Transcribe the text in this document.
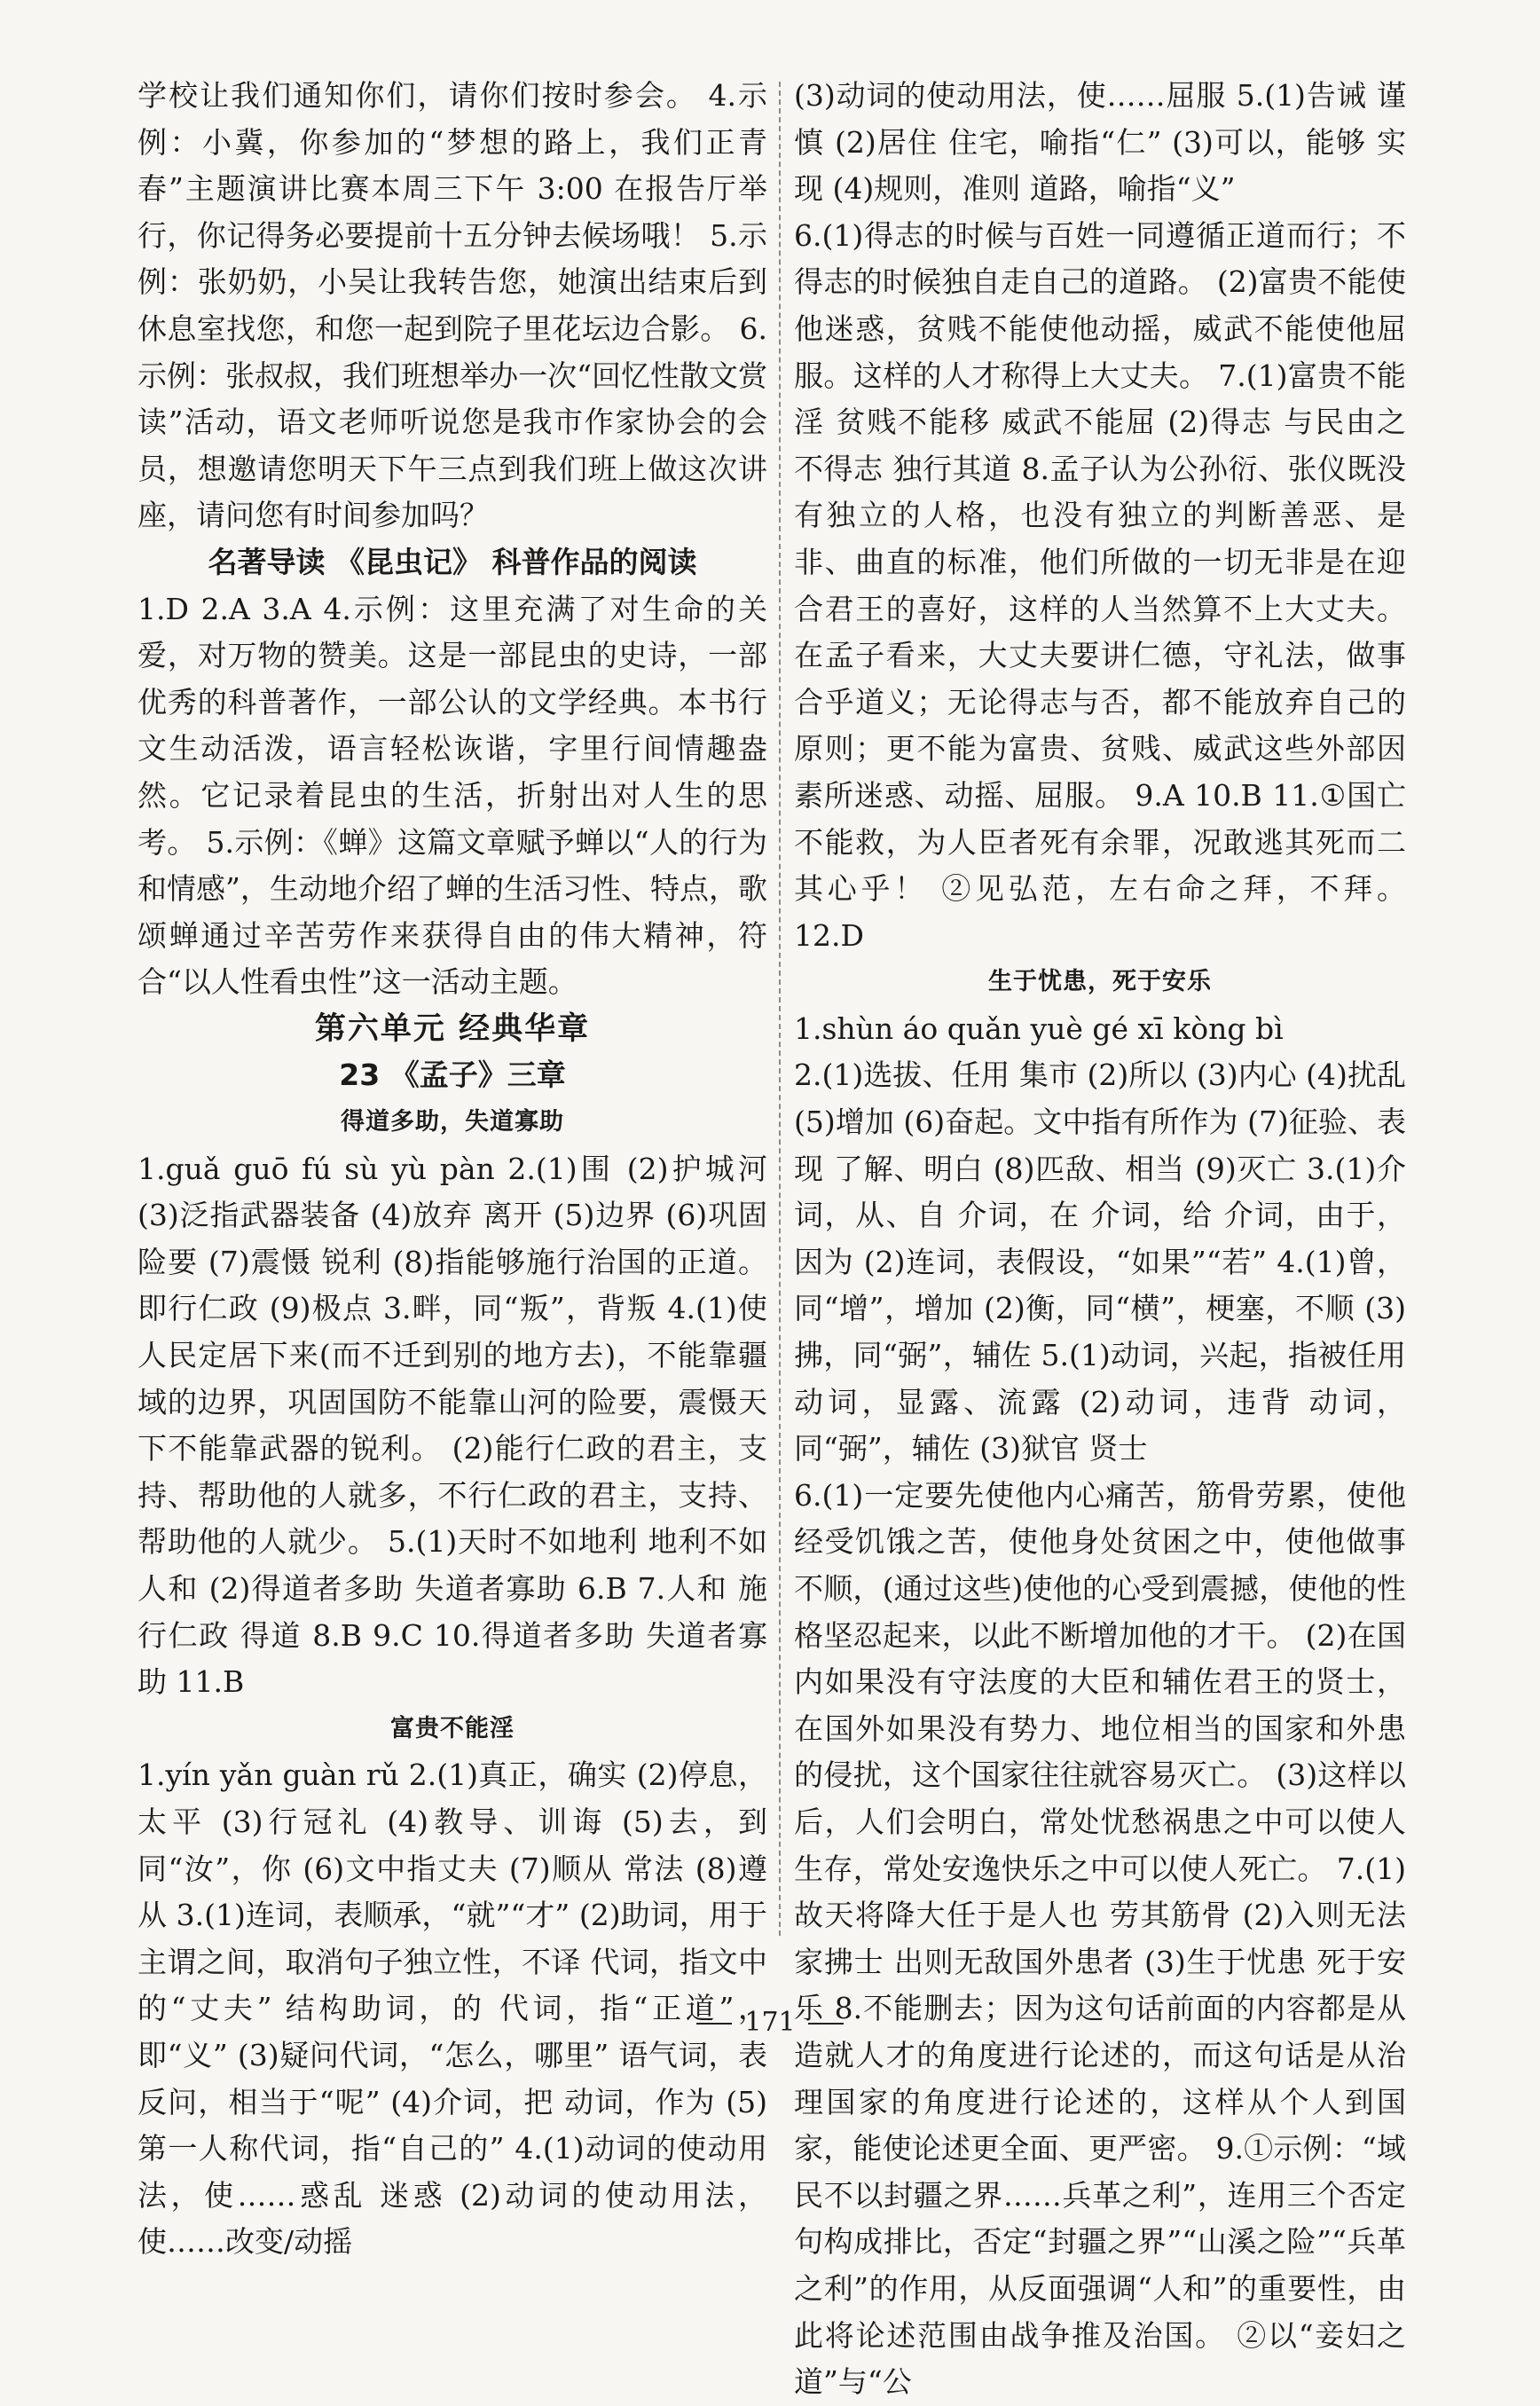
学校让我们通知你们，请你们按时参会。 4.示例：小冀，你参加的“梦想的路上，我们正青春”主题演讲比赛本周三下午 3:00 在报告厅举行，你记得务必要提前十五分钟去候场哦！ 5.示例：张奶奶，小吴让我转告您，她演出结束后到休息室找您，和您一起到院子里花坛边合影。 6.示例：张叔叔，我们班想举办一次“回忆性散文赏读”活动，语文老师听说您是我市作家协会的会员，想邀请您明天下午三点到我们班上做这次讲座，请问您有时间参加吗？

名著导读 《昆虫记》 科普作品的阅读

1.D 2.A 3.A 4.示例：这里充满了对生命的关爱，对万物的赞美。这是一部昆虫的史诗，一部优秀的科普著作，一部公认的文学经典。本书行文生动活泼，语言轻松诙谐，字里行间情趣盎然。它记录着昆虫的生活，折射出对人生的思考。 5.示例：《蝉》这篇文章赋予蝉以“人的行为和情感”，生动地介绍了蝉的生活习性、特点，歌颂蝉通过辛苦劳作来获得自由的伟大精神，符合“以人性看虫性”这一活动主题。

第六单元 经典华章

23 《孟子》三章

得道多助，失道寡助

1.guǎ guō fú sù yù pàn 2.(1)围 (2)护城河 (3)泛指武器装备 (4)放弃 离开 (5)边界 (6)巩固 险要 (7)震慑 锐利 (8)指能够施行治国的正道。即行仁政 (9)极点 3.畔，同“叛”，背叛 4.(1)使人民定居下来(而不迁到别的地方去)，不能靠疆域的边界，巩固国防不能靠山河的险要，震慑天下不能靠武器的锐利。 (2)能行仁政的君主，支持、帮助他的人就多，不行仁政的君主，支持、帮助他的人就少。 5.(1)天时不如地利 地利不如人和 (2)得道者多助 失道者寡助 6.B 7.人和 施行仁政 得道 8.B 9.C 10.得道者多助 失道者寡助 11.B

富贵不能淫

1.yín yǎn guàn rǔ 2.(1)真正，确实 (2)停息，太平 (3)行冠礼 (4)教导、训诲 (5)去，到 同“汝”，你 (6)文中指丈夫 (7)顺从 常法 (8)遵从 3.(1)连词，表顺承，“就”“才” (2)助词，用于主谓之间，取消句子独立性，不译 代词，指文中的“丈夫” 结构助词，的 代词，指“正道”，即“义” (3)疑问代词，“怎么，哪里” 语气词，表反问，相当于“呢” (4)介词，把 动词，作为 (5)第一人称代词，指“自己的” 4.(1)动词的使动用法，使……惑乱 迷惑 (2)动词的使动用法，使……改变/动摇

(3)动词的使动用法，使……屈服 5.(1)告诫 谨慎 (2)居住 住宅，喻指“仁” (3)可以，能够 实现 (4)规则，准则 道路，喻指“义”

6.(1)得志的时候与百姓一同遵循正道而行；不得志的时候独自走自己的道路。 (2)富贵不能使他迷惑，贫贱不能使他动摇，威武不能使他屈服。这样的人才称得上大丈夫。 7.(1)富贵不能淫 贫贱不能移 威武不能屈 (2)得志 与民由之 不得志 独行其道 8.孟子认为公孙衍、张仪既没有独立的人格，也没有独立的判断善恶、是非、曲直的标准，他们所做的一切无非是在迎合君王的喜好，这样的人当然算不上大丈夫。在孟子看来，大丈夫要讲仁德，守礼法，做事合乎道义；无论得志与否，都不能放弃自己的原则；更不能为富贵、贫贱、威武这些外部因素所迷惑、动摇、屈服。 9.A 10.B 11.①国亡不能救，为人臣者死有余罪，况敢逃其死而二其心乎！ ②见弘范，左右命之拜，不拜。 12.D

生于忧患，死于安乐

1.shùn áo quǎn yuè gé xī kòng bì

2.(1)选拔、任用 集市 (2)所以 (3)内心 (4)扰乱 (5)增加 (6)奋起。文中指有所作为 (7)征验、表现 了解、明白 (8)匹敌、相当 (9)灭亡 3.(1)介词，从、自 介词，在 介词，给 介词，由于，因为 (2)连词，表假设，“如果”“若” 4.(1)曾，同“增”，增加 (2)衡，同“横”，梗塞，不顺 (3)拂，同“弼”，辅佐 5.(1)动词，兴起，指被任用 动词，显露、流露 (2)动词，违背 动词，同“弼”，辅佐 (3)狱官 贤士

6.(1)一定要先使他内心痛苦，筋骨劳累，使他经受饥饿之苦，使他身处贫困之中，使他做事不顺，(通过这些)使他的心受到震撼，使他的性格坚忍起来，以此不断增加他的才干。 (2)在国内如果没有守法度的大臣和辅佐君王的贤士，在国外如果没有势力、地位相当的国家和外患的侵扰，这个国家往往就容易灭亡。 (3)这样以后，人们会明白，常处忧愁祸患之中可以使人生存，常处安逸快乐之中可以使人死亡。 7.(1)故天将降大任于是人也 劳其筋骨 (2)入则无法家拂士 出则无敌国外患者 (3)生于忧患 死于安乐 8.不能删去；因为这句话前面的内容都是从造就人才的角度进行论述的，而这句话是从治理国家的角度进行论述的，这样从个人到国家，能使论述更全面、更严密。 9.①示例：“域民不以封疆之界……兵革之利”，连用三个否定句构成排比，否定“封疆之界”“山溪之险”“兵革之利”的作用，从反面强调“人和”的重要性，由此将论述范围由战争推及治国。 ②以“妾妇之道”与“公

171
